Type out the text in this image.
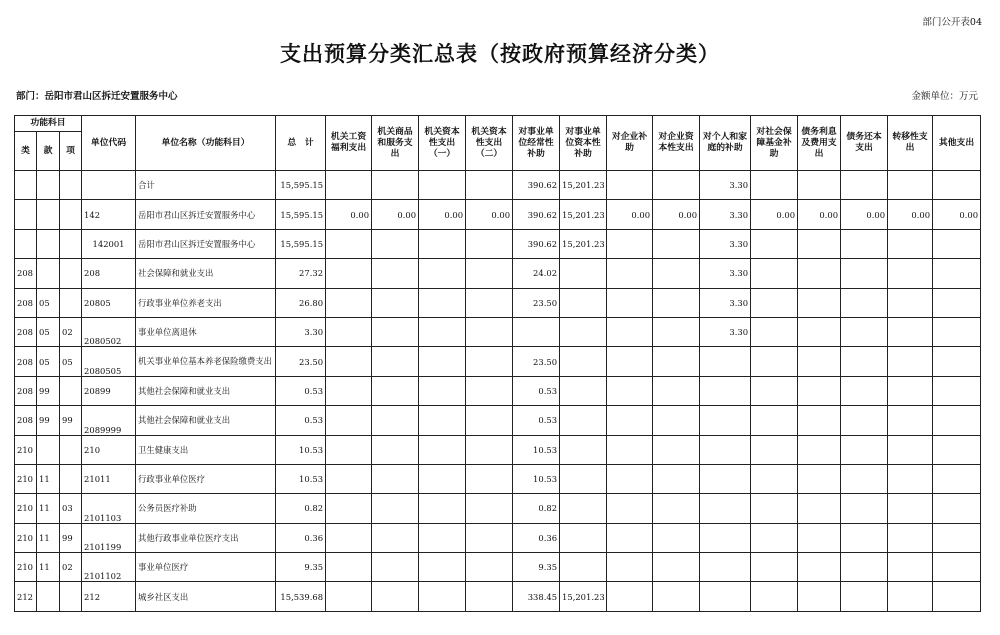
部门公开表04
支出预算分类汇总表（按政府预算经济分类）
部门：岳阳市君山区拆迁安置服务中心	金额单位：万元
功能科目			单位代码	单位名称（功能科目）	总　计	机关工资福利支出	机关商品和服务支出	机关资本性支出（一）	机关资本性支出（二）	对事业单位经常性补助	对事业单位资本性补助	对企业补助	对企业资本性支出	对个人和家庭的补助	对社会保障基金补助	债务利息及费用支出	债务还本支出	转移性支出	其他支出
类	款	项																	
				合计	15,595.15					390.62	15,201.23			3.30					
			142	岳阳市君山区拆迁安置服务中心	15,595.15	0.00	0.00	0.00	0.00	390.62	15,201.23	0.00	0.00	3.30	0.00	0.00	0.00	0.00	0.00
			142001	岳阳市君山区拆迁安置服务中心	15,595.15					390.62	15,201.23			3.30					
208			208	社会保障和就业支出	27.32					24.02				3.30					
208	05		20805	行政事业单位养老支出	26.80					23.50				3.30					
208	05	02	2080502	事业单位离退休	3.30									3.30					
208	05	05	2080505	机关事业单位基本养老保险缴费支出	23.50					23.50									
208	99		20899	其他社会保障和就业支出	0.53					0.53									
208	99	99	2089999	其他社会保障和就业支出	0.53					0.53									
210			210	卫生健康支出	10.53					10.53									
210	11		21011	行政事业单位医疗	10.53					10.53									
210	11	03	2101103	公务员医疗补助	0.82					0.82									
210	11	99	2101199	其他行政事业单位医疗支出	0.36					0.36									
210	11	02	2101102	事业单位医疗	9.35					9.35									
212			212	城乡社区支出	15,539.68					338.45	15,201.23								
